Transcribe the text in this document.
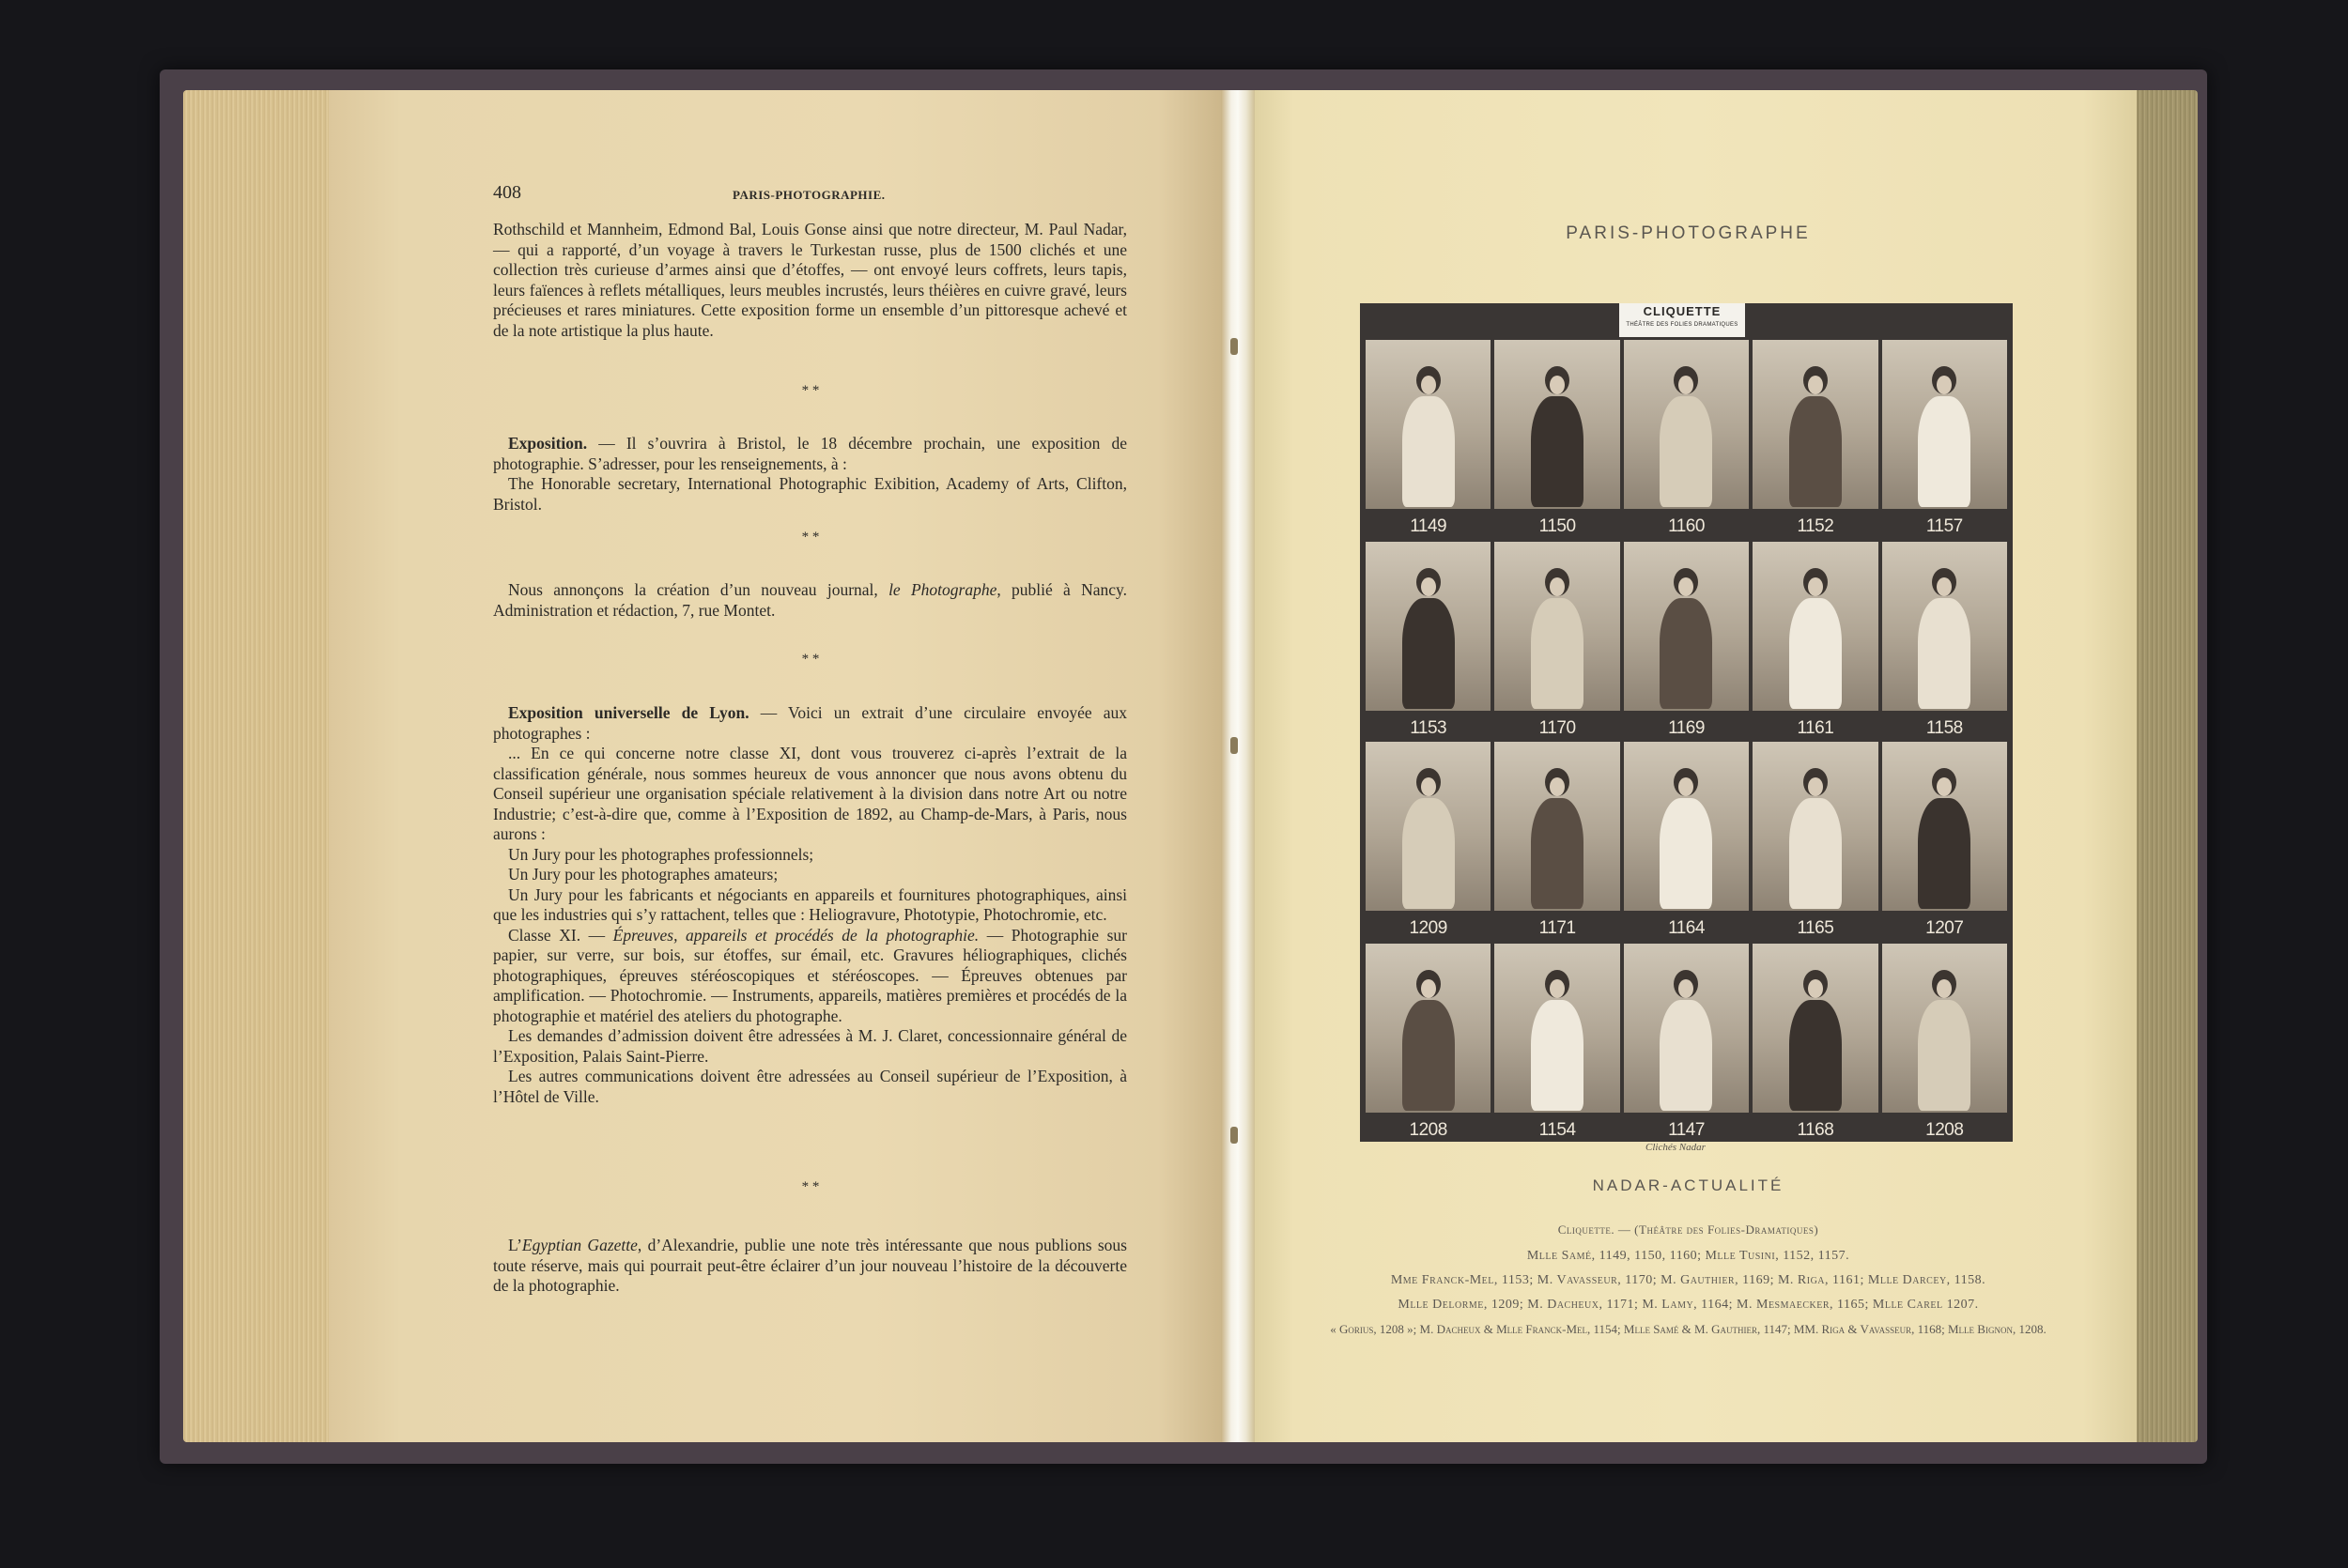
408	PARIS-PHOTOGRAPHIE.

Rothschild et Mannheim, Edmond Bal, Louis Gonse ainsi que notre directeur, M. Paul Nadar, — qui a rapporté, d’un voyage à travers le Turkestan russe, plus de 1500 clichés et une collection très curieuse d’armes ainsi que d’étoffes, — ont envoyé leurs coffrets, leurs tapis, leurs faïences à reflets métalliques, leurs meubles incrustés, leurs théières en cuivre gravé, leurs précieuses et rares miniatures. Cette exposition forme un ensemble d’un pittoresque achevé et de la note artistique la plus haute.

* *

Exposition. — Il s’ouvrira à Bristol, le 18 décembre prochain, une exposition de photographie. S’adresser, pour les renseignements, à :

The Honorable secretary, International Photographic Exibition, Academy of Arts, Clifton, Bristol.

* *

Nous annonçons la création d’un nouveau journal, le Photographe, publié à Nancy. Administration et rédaction, 7, rue Montet.

* *

Exposition universelle de Lyon. — Voici un extrait d’une circulaire envoyée aux photographes :

... En ce qui concerne notre classe XI, dont vous trouverez ci-après l’extrait de la classification générale, nous sommes heureux de vous annoncer que nous avons obtenu du Conseil supérieur une organisation spéciale relativement à la division dans notre Art ou notre Industrie; c’est-à-dire que, comme à l’Exposition de 1892, au Champ-de-Mars, à Paris, nous aurons :

Un Jury pour les photographes professionnels;

Un Jury pour les photographes amateurs;

Un Jury pour les fabricants et négociants en appareils et fournitures photographiques, ainsi que les industries qui s’y rattachent, telles que : Heliogravure, Phototypie, Photochromie, etc.

Classe XI. — Épreuves, appareils et procédés de la photographie. — Photographie sur papier, sur verre, sur bois, sur étoffes, sur émail, etc. Gravures héliographiques, clichés photographiques, épreuves stéréoscopiques et stéréoscopes. — Épreuves obtenues par amplification. — Photochromie. — Instruments, appareils, matières premières et procédés de la photographie et matériel des ateliers du photographe.

Les demandes d’admission doivent être adressées à M. J. Claret, concessionnaire général de l’Exposition, Palais Saint-Pierre.

Les autres communications doivent être adressées au Conseil supérieur de l’Exposition, à l’Hôtel de Ville.

* *

L’Egyptian Gazette, d’Alexandrie, publie une note très intéressante que nous publions sous toute réserve, mais qui pourrait peut-être éclairer d’un jour nouveau l’histoire de la découverte de la photographie.

PARIS-PHOTOGRAPHE
CLIQUETTE
THÉÂTRE DES FOLIES DRAMATIQUES
1149	1150	1160	1152	1157
1153	1170	1169	1161	1158
1209	1171	1164	1165	1207
1208	1154	1147	1168	1208
Clichés Nadar
NADAR-ACTUALITÉ
Cliquette. — (Théâtre des Folies-Dramatiques)
Mlle Samé, 1149, 1150, 1160; Mlle Tusini, 1152, 1157.
Mme Franck-Mel, 1153; M. Vavasseur, 1170; M. Gauthier, 1169; M. Riga, 1161; Mlle Darcey, 1158.
Mlle Delorme, 1209; M. Dacheux, 1171; M. Lamy, 1164; M. Mesmaecker, 1165; Mlle Carel 1207.
« Gorius, 1208 »; M. Dacheux & Mlle Franck-Mel, 1154; Mlle Samé & M. Gauthier, 1147; MM. Riga & Vavasseur, 1168; Mlle Bignon, 1208.
